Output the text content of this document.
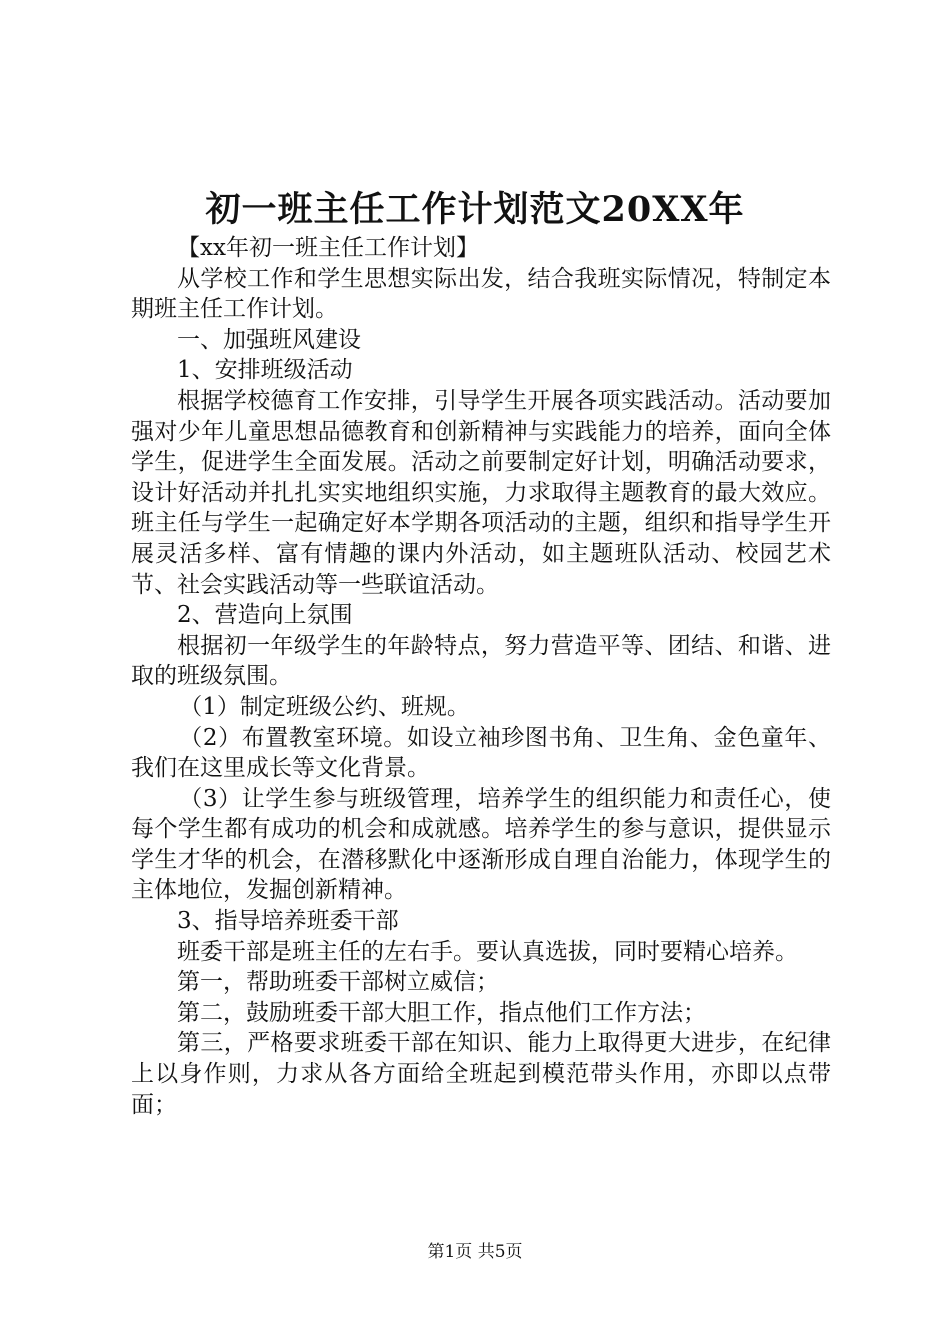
初一班主任工作计划范文20XX年

【xx年初一班主任工作计划】

从学校工作和学生思想实际出发，结合我班实际情况，特制定本期班主任工作计划。

一、加强班风建设

1、安排班级活动

根据学校德育工作安排，引导学生开展各项实践活动。活动要加强对少年儿童思想品德教育和创新精神与实践能力的培养，面向全体学生，促进学生全面发展。活动之前要制定好计划，明确活动要求，设计好活动并扎扎实实地组织实施，力求取得主题教育的最大效应。班主任与学生一起确定好本学期各项活动的主题，组织和指导学生开展灵活多样、富有情趣的课内外活动，如主题班队活动、校园艺术节、社会实践活动等一些联谊活动。

2、营造向上氛围

根据初一年级学生的年龄特点，努力营造平等、团结、和谐、进取的班级氛围。

（1）制定班级公约、班规。

（2）布置教室环境。如设立袖珍图书角、卫生角、金色童年、我们在这里成长等文化背景。

（3）让学生参与班级管理，培养学生的组织能力和责任心，使每个学生都有成功的机会和成就感。培养学生的参与意识，提供显示学生才华的机会，在潜移默化中逐渐形成自理自治能力，体现学生的主体地位，发掘创新精神。

3、指导培养班委干部

班委干部是班主任的左右手。要认真选拔，同时要精心培养。

第一，帮助班委干部树立威信；

第二，鼓励班委干部大胆工作，指点他们工作方法；

第三，严格要求班委干部在知识、能力上取得更大进步，在纪律上以身作则，力求从各方面给全班起到模范带头作用，亦即以点带面；

第1页 共5页
